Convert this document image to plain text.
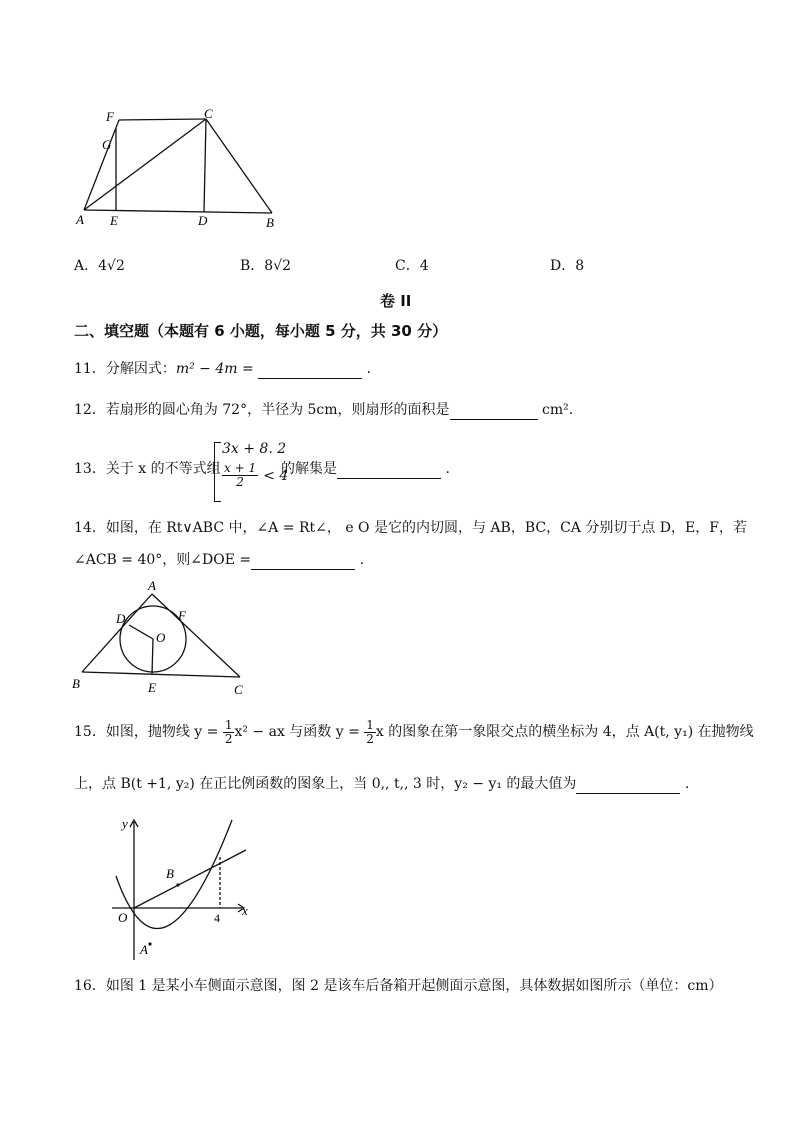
F
G
C
A E	D	B
A．4√2	B．8√2	C．4	D．8
卷 II
二、填空题（本题有 6 小题，每小题 5 分，共 30 分）
11．分解因式：m² − 4m =	.
12．若扇形的圆心角为 72°，半径为 5cm，则扇形的面积是	cm².
13．关于 x 的不等式组
3x + 8. 2
$\frac{x + 1}{2} < 4$
的解集是	.
14．如图，在 Rt∨ABC 中，∠A = Rt∠， e O 是它的内切圆，与 AB，BC，CA 分别切于点 D，E，F，若
∠ACB = 40°，则∠DOE =	.
A
D	F
O
B	E	C
15．如图，抛物线 $y = \frac{1}{2} x^2$ − ax 与函数 $y = \frac{1}{2}$ x 的图象在第一象限交点的横坐标为 4，点 A(t, y₁) 在抛物线
上，点 B(t +1, y₂) 在正比例函数的图象上，当 0,, t,, 3 时，y₂ − y₁ 的最大值为	.
y
x
O
B
A
4
16．如图 1 是某小车侧面示意图，图 2 是该车后备箱开起侧面示意图，具体数据如图所示（单位：cm）
